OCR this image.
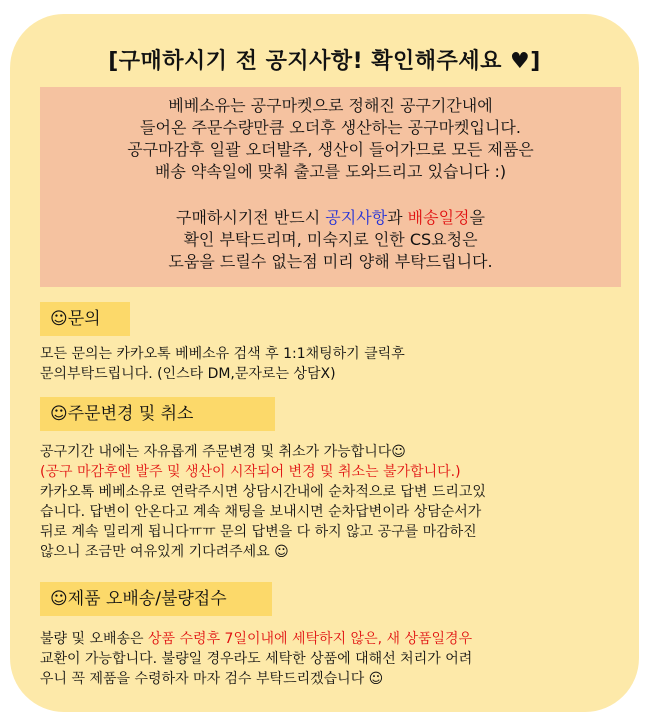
[구매하시기 전 공지사항! 확인해주세요 ♥]
베베소유는 공구마켓으로 정해진 공구기간내에
들어온 주문수량만큼 오더후 생산하는 공구마켓입니다.
공구마감후 일괄 오더발주, 생산이 들어가므로 모든 제품은
배송 약속일에 맞춰 출고를 도와드리고 있습니다 :)
구매하시기전 반드시 공지사항과 배송일정을
확인 부탁드리며, 미숙지로 인한 CS요청은
도움을 드릴수 없는점 미리 양해 부탁드립니다.
☺문의
모든 문의는 카카오톡 베베소유 검색 후 1:1채팅하기 클릭후
문의부탁드립니다. (인스타 DM,문자로는 상담X)
☺주문변경 및 취소
공구기간 내에는 자유롭게 주문변경 및 취소가 가능합니다☺
(공구 마감후엔 발주 및 생산이 시작되어 변경 및 취소는 불가합니다.)
카카오톡 베베소유로 연락주시면 상담시간내에 순차적으로 답변 드리고있
습니다. 답변이 안온다고 계속 채팅을 보내시면 순차답변이라 상담순서가
뒤로 계속 밀리게 됩니다ㅠㅠ 문의 답변을 다 하지 않고 공구를 마감하진
않으니 조금만 여유있게 기다려주세요 ☺
☺제품 오배송/불량접수
불량 및 오배송은 상품 수령후 7일이내에 세탁하지 않은, 새 상품일경우
교환이 가능합니다. 불량일 경우라도 세탁한 상품에 대해선 처리가 어려
우니 꼭 제품을 수령하자 마자 검수 부탁드리겠습니다 ☺
